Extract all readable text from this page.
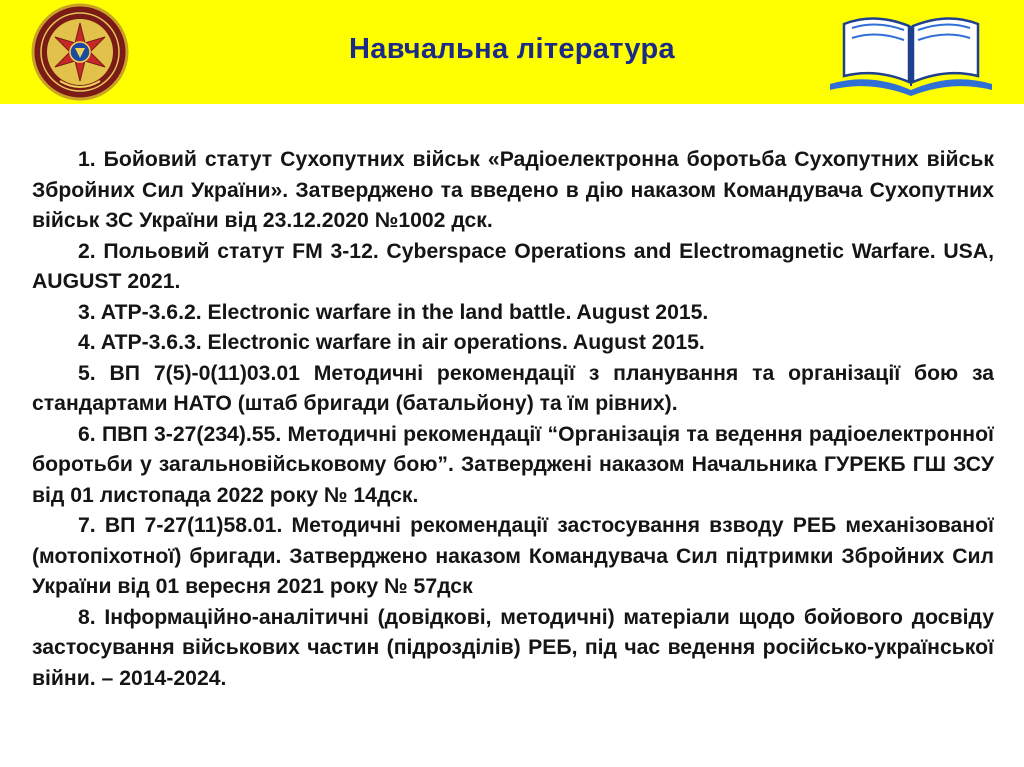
Навчальна література

1. Бойовий статут Сухопутних військ «Радіоелектронна боротьба Сухопутних військ Збройних Сил України». Затверджено та введено в дію наказом Командувача Сухопутних військ ЗС України від 23.12.2020 №1002 дск.

2. Польовий статут FM 3-12. Cyberspace Operations and Electromagnetic Warfare. USA, AUGUST 2021.

3. ATP-3.6.2. Electronic warfare in the land battle. August 2015.

4. ATP-3.6.3. Electronic warfare in air operations. August 2015.

5. ВП 7(5)-0(11)03.01 Методичні рекомендації з планування та організації бою за стандартами НАТО (штаб бригади (батальйону) та їм рівних).

6. ПВП 3-27(234).55. Методичні рекомендації “Організація та ведення радіоелектронної боротьби у загальновійськовому бою”. Затверджені наказом Начальника ГУРЕКБ ГШ ЗСУ від 01 листопада 2022 року № 14дск.

7. ВП 7-27(11)58.01. Методичні рекомендації застосування взводу РЕБ механізованої (мотопіхотної) бригади. Затверджено наказом Командувача Сил підтримки Збройних Сил України від 01 вересня 2021 року № 57дск

8. Інформаційно-аналітичні (довідкові, методичні) матеріали щодо бойового досвіду застосування військових частин (підрозділів) РЕБ, під час ведення російсько-української війни. – 2014-2024.
